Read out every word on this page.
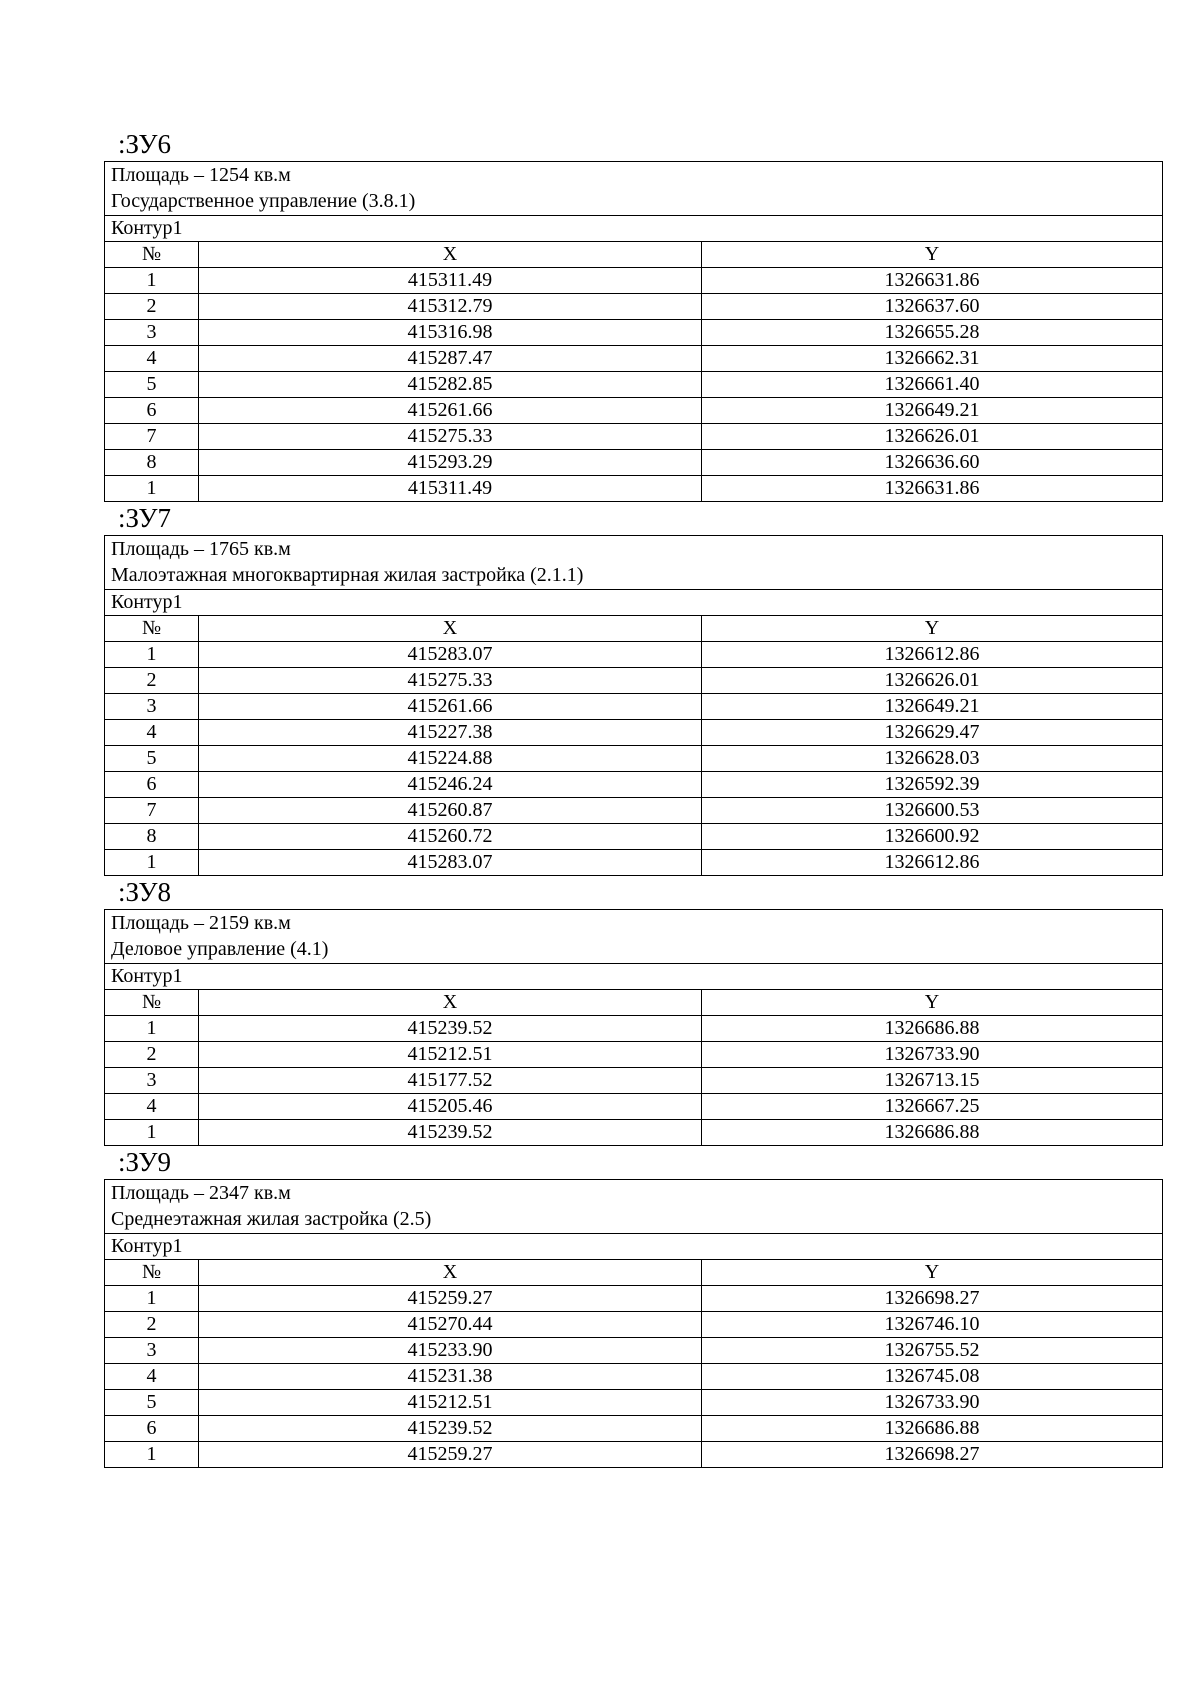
:ЗУ6
Площадь – 1254 кв.м
Государственное управление (3.8.1)		

Контур1		
№	X	Y
1	415311.49	1326631.86
2	415312.79	1326637.60
3	415316.98	1326655.28
4	415287.47	1326662.31
5	415282.85	1326661.40
6	415261.66	1326649.21
7	415275.33	1326626.01
8	415293.29	1326636.60
1	415311.49	1326631.86
:ЗУ7
Площадь – 1765 кв.м
Малоэтажная многоквартирная жилая застройка (2.1.1)		

Контур1		
№	X	Y
1	415283.07	1326612.86
2	415275.33	1326626.01
3	415261.66	1326649.21
4	415227.38	1326629.47
5	415224.88	1326628.03
6	415246.24	1326592.39
7	415260.87	1326600.53
8	415260.72	1326600.92
1	415283.07	1326612.86
:ЗУ8
Площадь – 2159 кв.м
Деловое управление (4.1)		

Контур1		
№	X	Y
1	415239.52	1326686.88
2	415212.51	1326733.90
3	415177.52	1326713.15
4	415205.46	1326667.25
1	415239.52	1326686.88
:ЗУ9
Площадь – 2347 кв.м
Среднеэтажная жилая застройка (2.5)		

Контур1		
№	X	Y
1	415259.27	1326698.27
2	415270.44	1326746.10
3	415233.90	1326755.52
4	415231.38	1326745.08
5	415212.51	1326733.90
6	415239.52	1326686.88
1	415259.27	1326698.27
